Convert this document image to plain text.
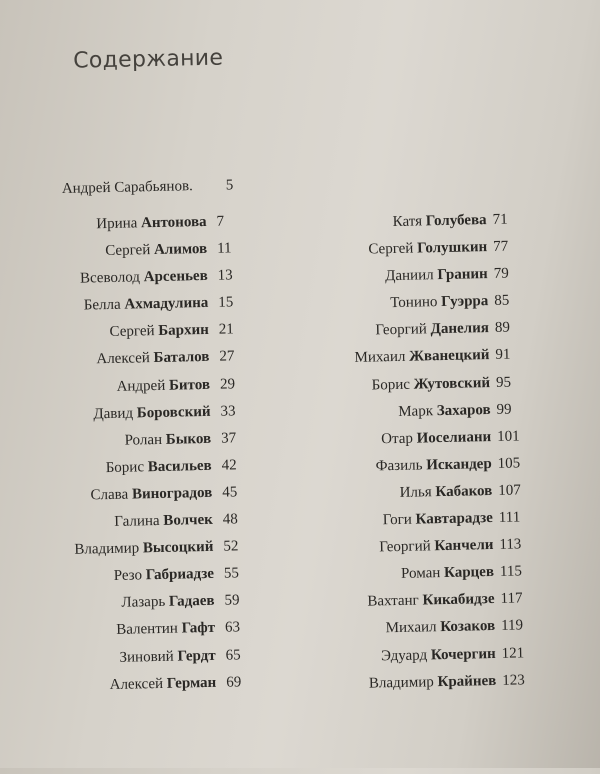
Содержание
Андрей Сарабьянов. 5
Ирина Антонова 7
Сергей Алимов 11
Всеволод Арсеньев 13
Белла Ахмадулина 15
Сергей Бархин 21
Алексей Баталов 27
Андрей Битов 29
Давид Боровский 33
Ролан Быков 37
Борис Васильев 42
Слава Виноградов 45
Галина Волчек 48
Владимир Высоцкий 52
Резо Габриадзе 55
Лазарь Гадаев 59
Валентин Гафт 63
Зиновий Гердт 65
Алексей Герман 69
Катя Голубева 71
Сергей Голушкин 77
Даниил Гранин 79
Тонино Гуэрра 85
Георгий Данелия 89
Михаил Жванецкий 91
Борис Жутовский 95
Марк Захаров 99
Отар Иоселиани 101
Фазиль Искандер 105
Илья Кабаков 107
Гоги Кавтарадзе 111
Георгий Канчели 113
Роман Карцев 115
Вахтанг Кикабидзе 117
Михаил Козаков 119
Эдуард Кочергин 121
Владимир Крайнев 123
